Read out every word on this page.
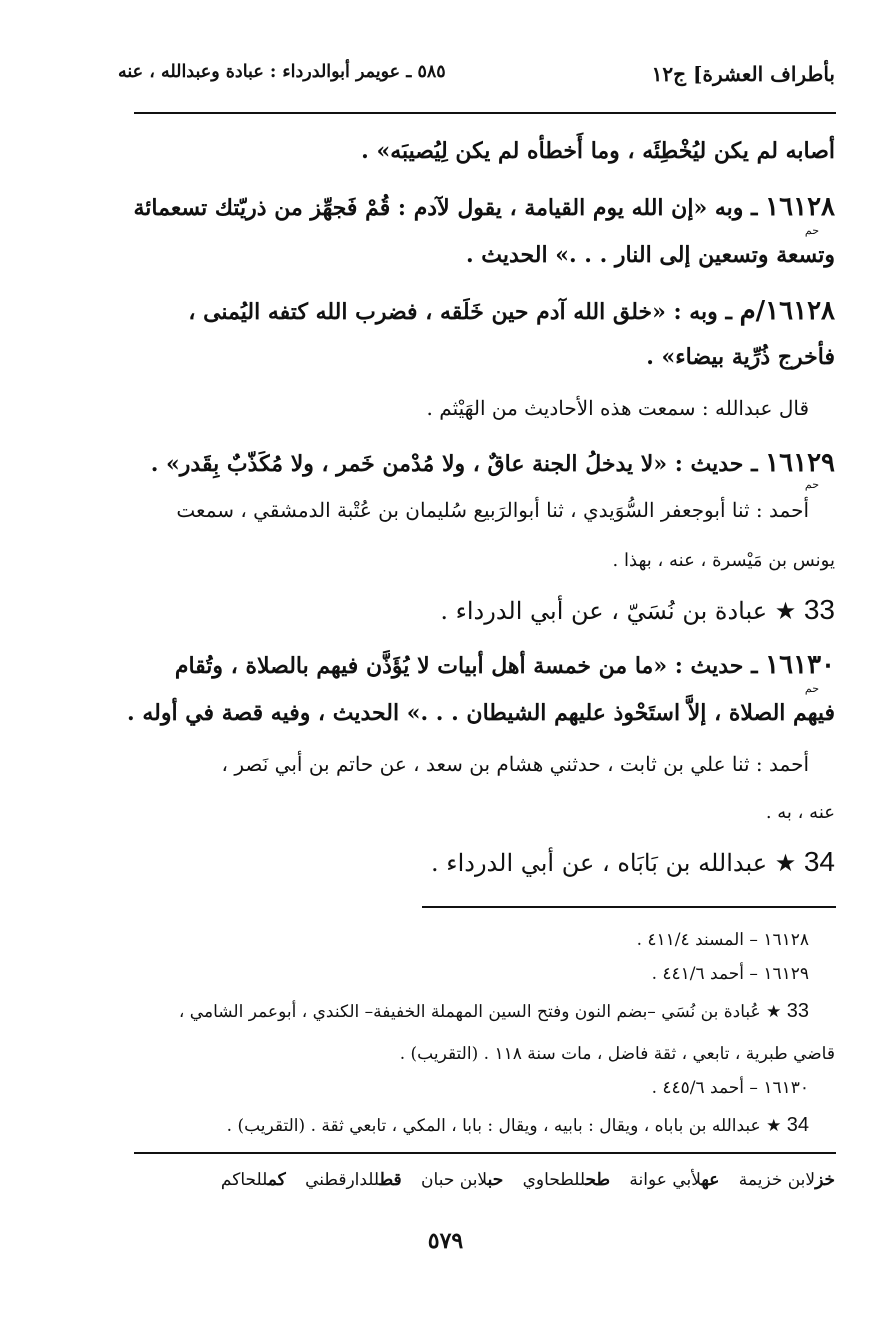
بأطراف العشرة] ج١٢
٥٨٥ ـ عويمر أبوالدرداء : عبادة وعبدالله ، عنه
أصابه لم يكن ليُخْطِئَه ، وما أَخطأه لم يكن لِيُصيبَه» .
١٦١٢٨ ـ وبه «إن الله يوم القيامة ، يقول لآدم : قُمْ فَجهِّز من ذريّتك تسعمائة
حم
وتسعة وتسعين إلى النار . . .» الحديث .
١٦١٢٨/م ـ وبه : «خلق الله آدم حين خَلَقه ، فضرب الله كتفه اليُمنى ،
فأخرج ذُرِّية بيضاء» .
قال عبدالله : سمعت هذه الأحاديث من الهَيْثم .
١٦١٢٩ ـ حديث : «لا يدخلُ الجنة عاقٌ ، ولا مُدْمن خَمر ، ولا مُكَذّبٌ بِقَدر» .
حم
أحمد : ثنا أبوجعفر السُّوَيدي ، ثنا أبوالرَبيع سُليمان بن عُتْبة الدمشقي ، سمعت
يونس بن مَيْسرة ، عنه ، بهذا .
33 ★ عبادة بن نُسَيّ ، عن أبي الدرداء .
١٦١٣٠ ـ حديث : «ما من خمسة أهل أبيات لا يُؤَذَّن فيهم بالصلاة ، وتُقام
حم
فيهم الصلاة ، إلاَّ استَحْوذ عليهم الشيطان . . .» الحديث ، وفيه قصة في أوله .
أحمد : ثنا علي بن ثابت ، حدثني هشام بن سعد ، عن حاتم بن أبي نَصر ،
عنه ، به .
34 ★ عبدالله بن بَابَاه ، عن أبي الدرداء .
١٦١٢٨ – المسند ٤١١/٤ .
١٦١٢٩ – أحمد ٤٤١/٦ .
33 ★ عُبادة بن نُسَي –بضم النون وفتح السين المهملة الخفيفة– الكندي ، أبوعمر الشامي ،
قاضي طبرية ، تابعي ، ثقة فاضل ، مات سنة ١١٨ . (التقريب) .
١٦١٣٠ – أحمد ٤٤٥/٦ .
34 ★ عبدالله بن باباه ، ويقال : بابيه ، ويقال : بابا ، المكي ، تابعي ثقة . (التقريب) .
خزلابن خزيمة عهلأبي عوانة طحللطحاوي حبلابن حبان قطللدارقطني كمللحاكم
٥٧٩
